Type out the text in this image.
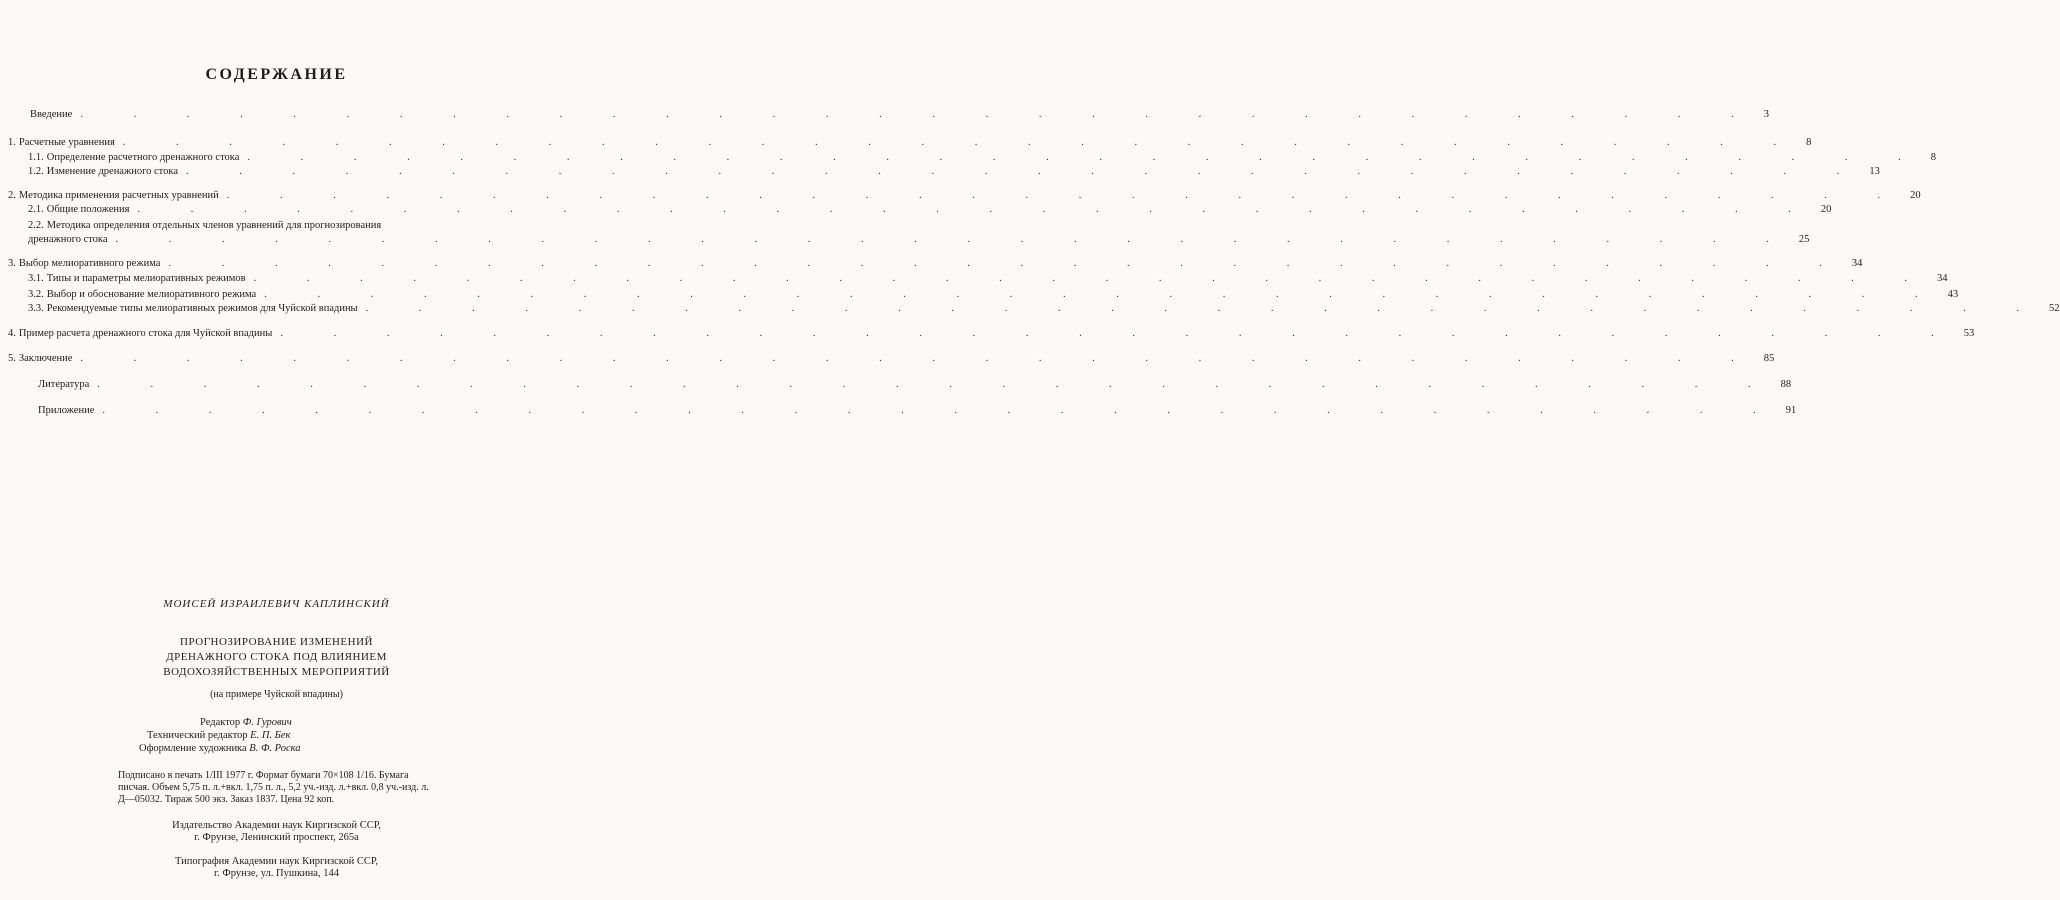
СОДЕРЖАНИЕ
Введение . . . . . . . . . . . . . . . . . . . . . . . . . . . . . . . . 3
1. Расчетные уравнения . . . . . . . . . . . . . . . . . . . . . . . . . . . . . . . . 8
1.1. Определение расчетного дренажного стока . . . . . . . . . . . . . . . . . . . . . . . . . . . . . . . . 8
1.2. Изменение дренажного стока . . . . . . . . . . . . . . . . . . . . . . . . . . . . . . . . 13
2. Методика применения расчетных уравнений . . . . . . . . . . . . . . . . . . . . . . . . . . . . . . . . 20
2.1. Общие положения . . . . . . . . . . . . . . . . . . . . . . . . . . . . . . . . 20
2.2. Методика определения отдельных членов уравнений для прогнозирования
дренажного стока . . . . . . . . . . . . . . . . . . . . . . . . . . . . . . . . 25
3. Выбор мелиоративного режима . . . . . . . . . . . . . . . . . . . . . . . . . . . . . . . . 34
3.1. Типы и параметры мелиоративных режимов . . . . . . . . . . . . . . . . . . . . . . . . . . . . . . . . 34
3.2. Выбор и обоснование мелиоративного режима . . . . . . . . . . . . . . . . . . . . . . . . . . . . . . . . 43
3.3. Рекомендуемые типы мелиоративных режимов для Чуйской впадины . . . . . . . . . . . . . . . . . . . . . . . . . . . . . . . . 52
4. Пример расчета дренажного стока для Чуйской впадины . . . . . . . . . . . . . . . . . . . . . . . . . . . . . . . . 53
5. Заключение . . . . . . . . . . . . . . . . . . . . . . . . . . . . . . . . 85
Литература . . . . . . . . . . . . . . . . . . . . . . . . . . . . . . . . 88
Приложение . . . . . . . . . . . . . . . . . . . . . . . . . . . . . . . . 91
МОИСЕЙ ИЗРАИЛЕВИЧ КАПЛИНСКИЙ
ПРОГНОЗИРОВАНИЕ ИЗМЕНЕНИЙ
ДРЕНАЖНОГО СТОКА ПОД ВЛИЯНИЕМ
ВОДОХОЗЯЙСТВЕННЫХ МЕРОПРИЯТИЙ
(на примере Чуйской впадины)
Редактор Ф. Гурович
Технический редактор Е. П. Бек
Оформление художника В. Ф. Роска
Подписано в печать 1/III 1977 г. Формат бумаги 70×108 1/16. Бумага
писчая. Объем 5,75 п. л.+вкл. 1,75 п. л., 5,2 уч.-изд. л.+вкл. 0,8 уч.-изд. л.
Д—05032. Тираж 500 экз. Заказ 1837. Цена 92 коп.
Издательство Академии наук Киргизской ССР,
г. Фрунзе, Ленинский проспект, 265а
Типография Академии наук Киргизской ССР,
г. Фрунзе, ул. Пушкина, 144
